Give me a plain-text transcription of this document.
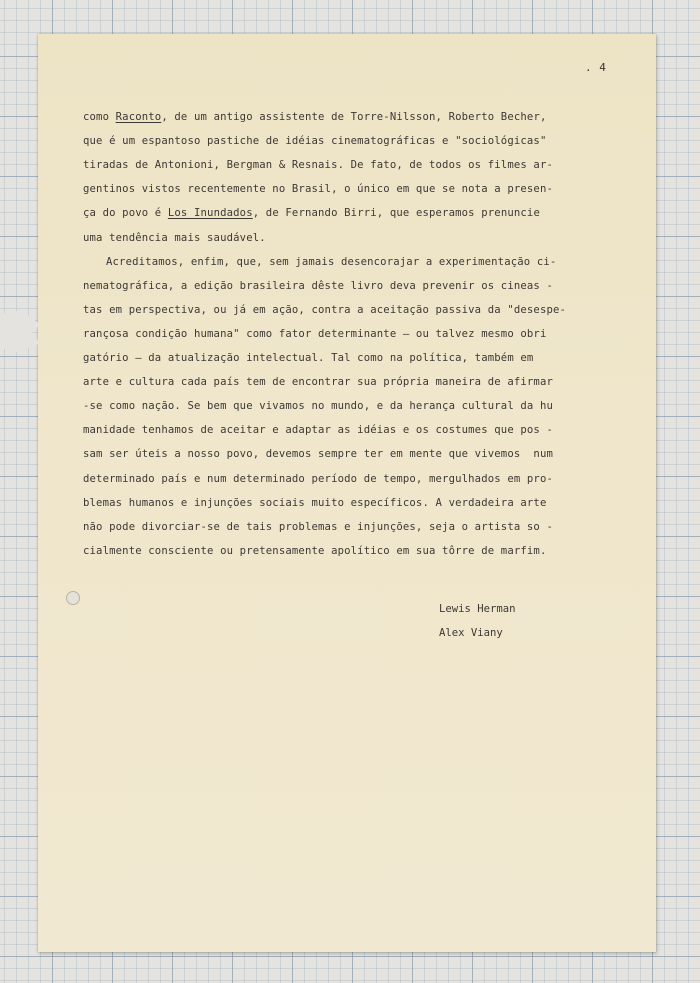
. 4
como Raconto, de um antigo assistente de Torre-Nilsson, Roberto Becher,
que é um espantoso pastiche de idéias cinematográficas e "sociológicas"
tiradas de Antonioni, Bergman & Resnais. De fato, de todos os filmes ar-
gentinos vistos recentemente no Brasil, o único em que se nota a presen-
ça do povo é Los Inundados, de Fernando Birri, que esperamos prenuncie
uma tendência mais saudável.
Acreditamos, enfim, que, sem jamais desencorajar a experimentação ci-
nematográfica, a edição brasileira dêste livro deva prevenir os cineas -
tas em perspectiva, ou já em ação, contra a aceitação passiva da "desespe-
rançosa condição humana" como fator determinante — ou talvez mesmo obri
gatório — da atualização intelectual. Tal como na política, também em
arte e cultura cada país tem de encontrar sua própria maneira de afirmar
-se como nação. Se bem que vivamos no mundo, e da herança cultural da hu
manidade tenhamos de aceitar e adaptar as idéias e os costumes que pos -
sam ser úteis a nosso povo, devemos sempre ter em mente que vivemos  num
determinado país e num determinado período de tempo, mergulhados em pro-
blemas humanos e injunções sociais muito específicos. A verdadeira arte
não pode divorciar-se de tais problemas e injunções, seja o artista so -
cialmente consciente ou pretensamente apolítico em sua tôrre de marfim.
Lewis Herman
Alex Viany
